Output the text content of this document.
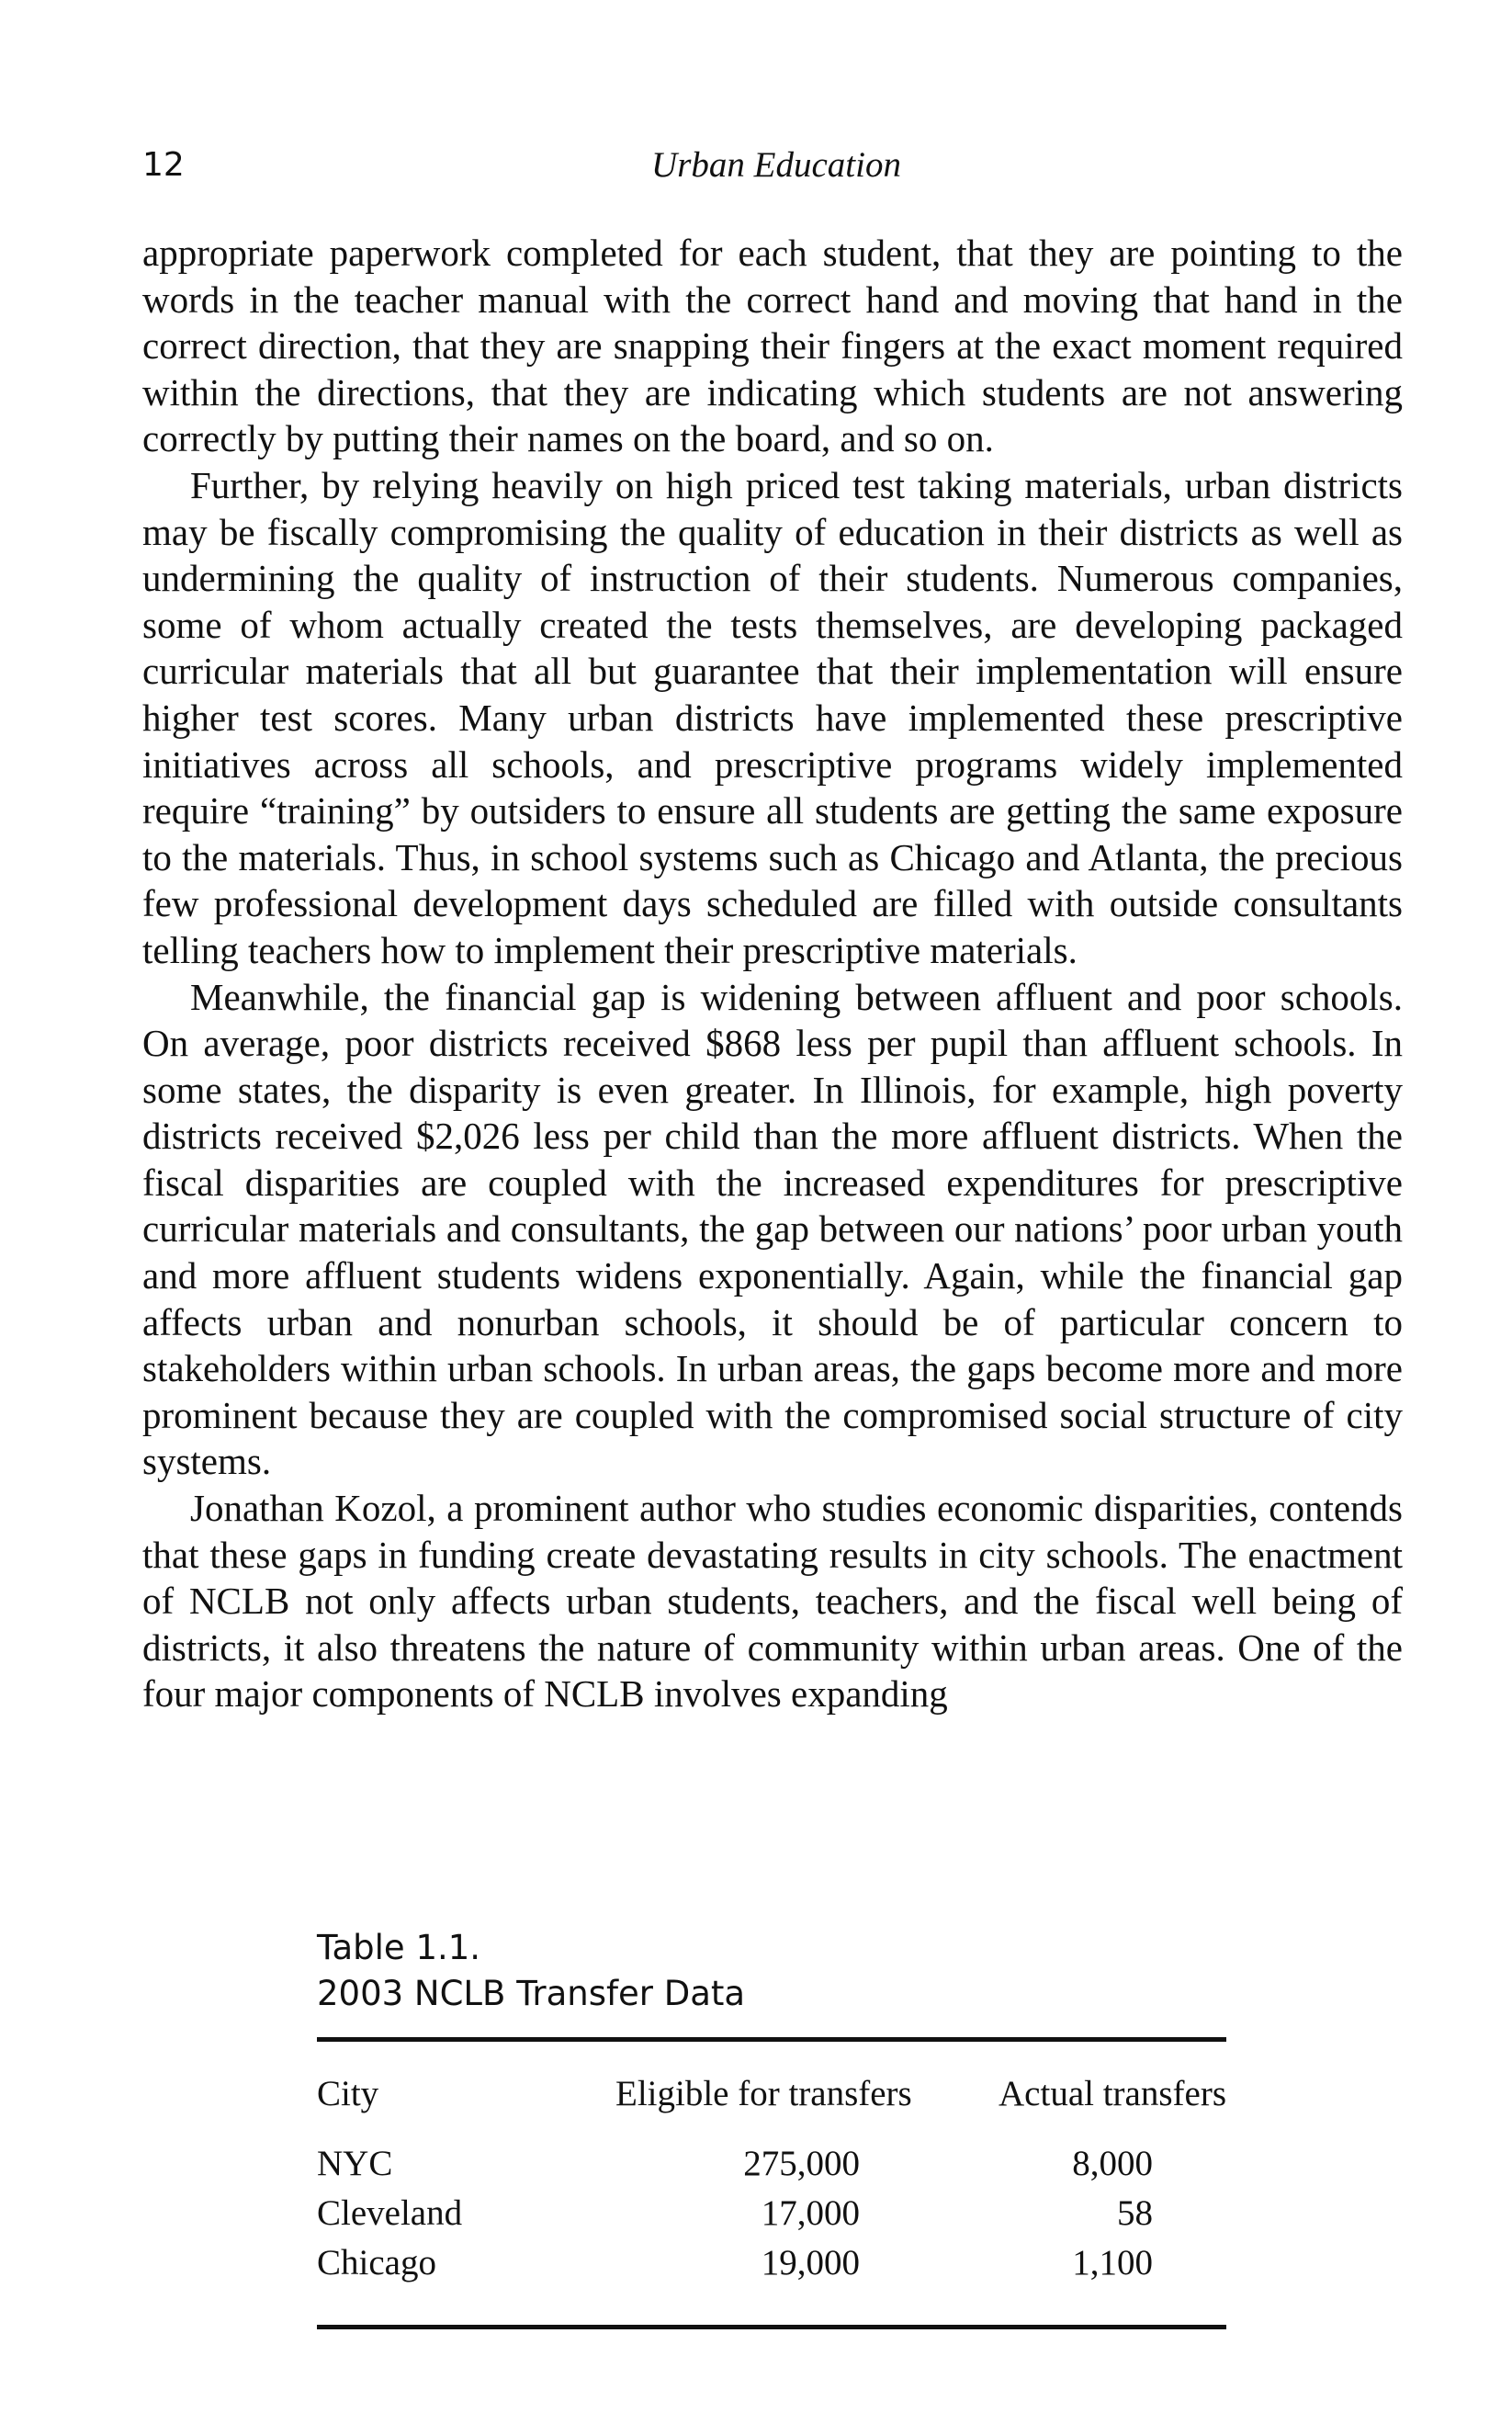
12	Urban Education

appropriate paperwork completed for each student, that they are pointing to the words in the teacher manual with the correct hand and moving that hand in the correct direction, that they are snapping their fingers at the exact moment required within the directions, that they are indicating which students are not answering correctly by putting their names on the board, and so on.

Further, by relying heavily on high priced test taking materials, urban districts may be fiscally compromising the quality of education in their districts as well as undermining the quality of instruction of their students. Numerous companies, some of whom actually created the tests themselves, are developing packaged curricular materials that all but guarantee that their implementation will ensure higher test scores. Many urban districts have implemented these prescriptive initiatives across all schools, and prescriptive programs widely implemented require “training” by outsiders to ensure all students are getting the same exposure to the materials. Thus, in school systems such as Chicago and Atlanta, the precious few professional development days scheduled are filled with outside consultants telling teachers how to implement their prescriptive materials.

Meanwhile, the financial gap is widening between affluent and poor schools. On average, poor districts received $868 less per pupil than affluent schools. In some states, the disparity is even greater. In Illinois, for example, high poverty districts received $2,026 less per child than the more affluent districts. When the fiscal disparities are coupled with the increased expenditures for prescriptive curricular materials and consultants, the gap between our nations’ poor urban youth and more affluent students widens exponentially. Again, while the financial gap affects urban and nonurban schools, it should be of particular concern to stakeholders within urban schools. In urban areas, the gaps become more and more prominent because they are coupled with the compromised social structure of city systems.

Jonathan Kozol, a prominent author who studies economic disparities, contends that these gaps in funding create devastating results in city schools. The enactment of NCLB not only affects urban students, teachers, and the fiscal well being of districts, it also threatens the nature of community within urban areas. One of the four major components of NCLB involves expanding

Table 1.1.
2003 NCLB Transfer Data
City	Eligible for transfers	Actual transfers
NYC	275,000	8,000
Cleveland	17,000	58
Chicago	19,000	1,100
